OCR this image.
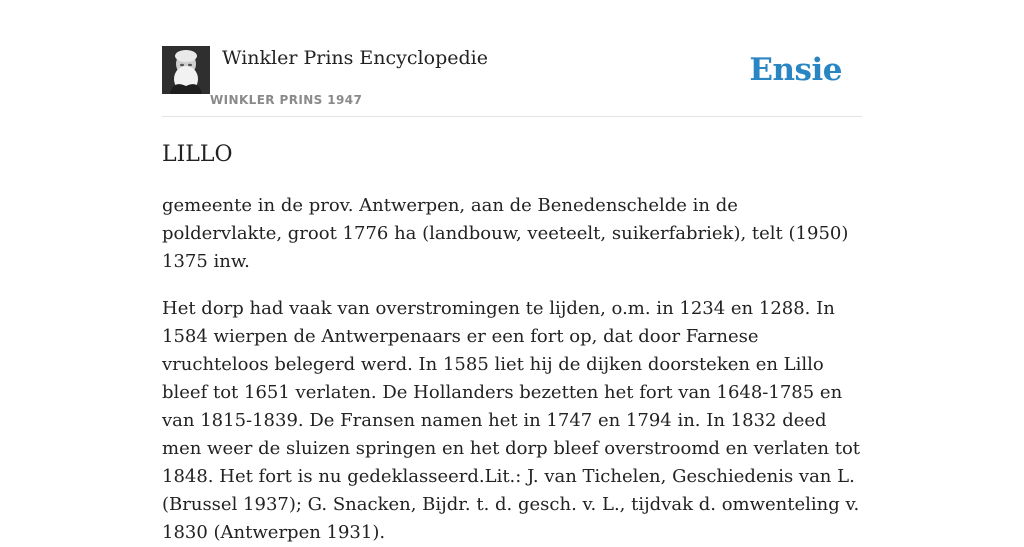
Winkler Prins Encyclopedie
WINKLER PRINS 1947
Ensie
LILLO

gemeente in de prov. Antwerpen, aan de Benedenschelde in de poldervlakte, groot 1776 ha (landbouw, veeteelt, suikerfabriek), telt (1950) 1375 inw.

Het dorp had vaak van overstromingen te lijden, o.m. in 1234 en 1288. In 1584 wierpen de Antwerpenaars er een fort op, dat door Farnese vruchteloos belegerd werd. In 1585 liet hij de dijken doorsteken en Lillo bleef tot 1651 verlaten. De Hollanders bezetten het fort van 1648-1785 en van 1815-1839. De Fransen namen het in 1747 en 1794 in. In 1832 deed men weer de sluizen springen en het dorp bleef overstroomd en verlaten tot 1848. Het fort is nu gedeklasseerd.Lit.: J. van Tichelen, Geschiedenis van L. (Brussel 1937); G. Snacken, Bijdr. t. d. gesch. v. L., tijdvak d. omwenteling v. 1830 (Antwerpen 1931).
